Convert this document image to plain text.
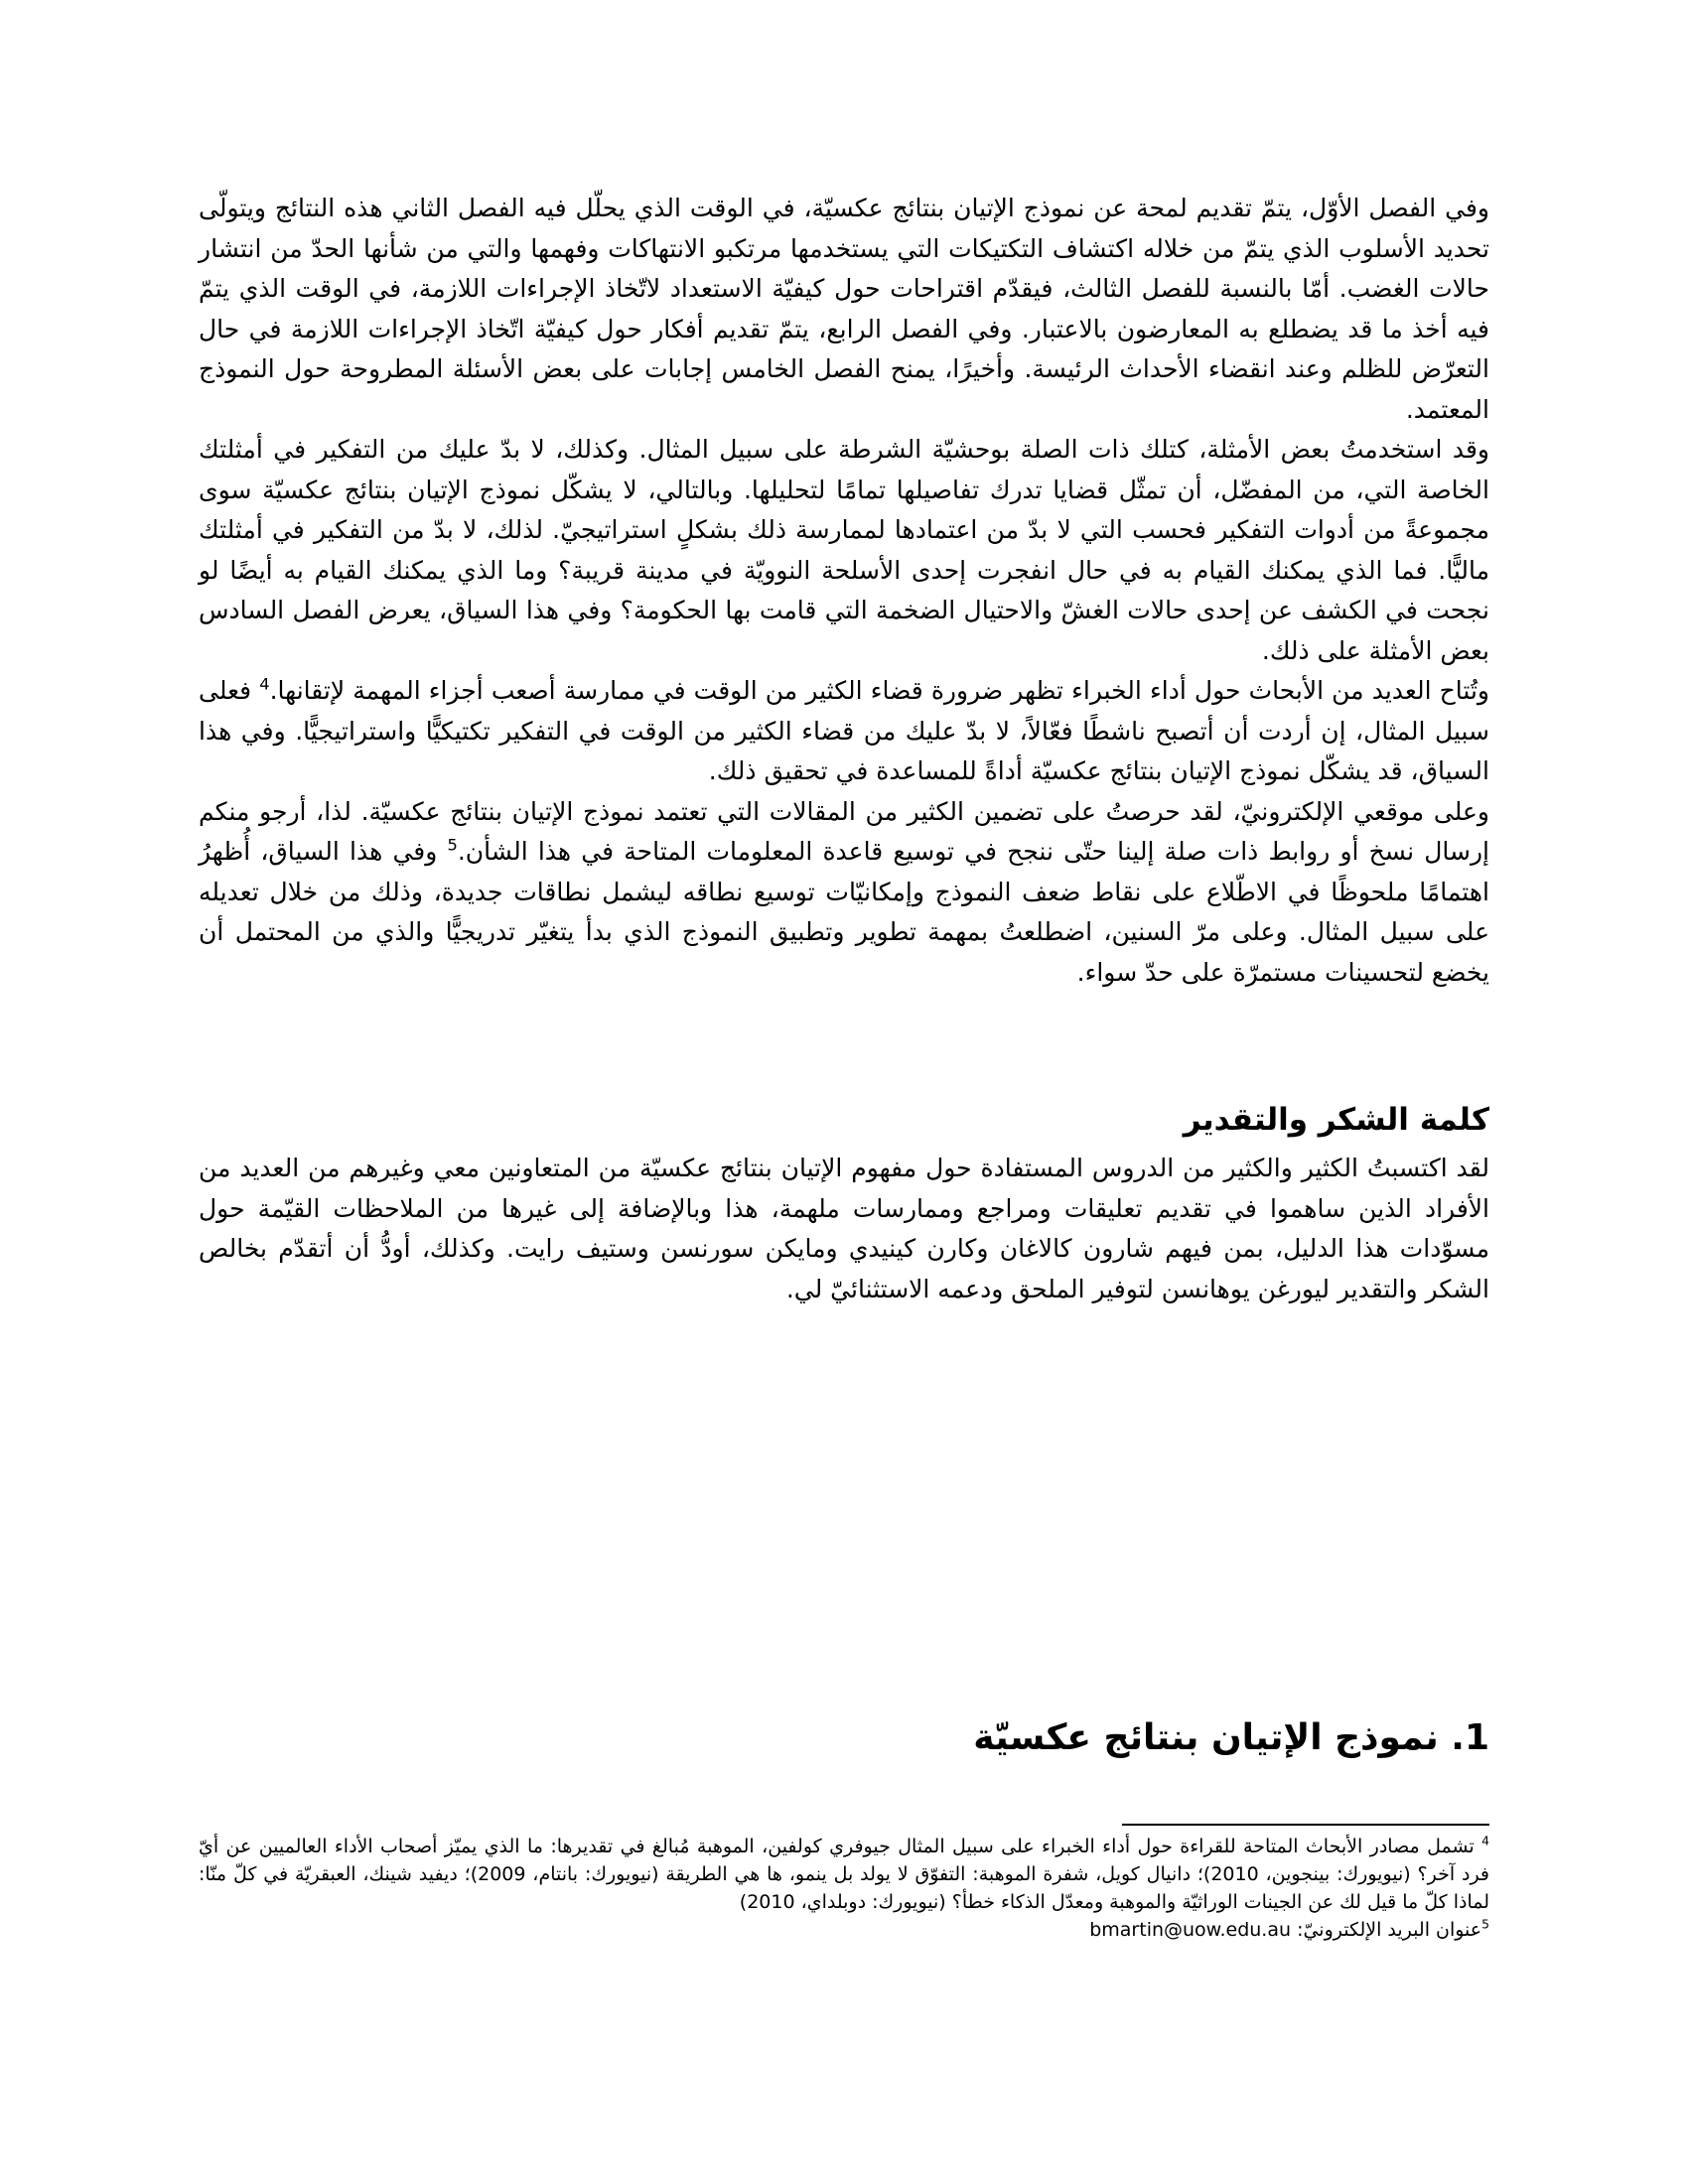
وفي الفصل الأوّل، يتمّ تقديم لمحة عن نموذج الإتيان بنتائج عكسيّة، في الوقت الذي يحلّل فيه الفصل الثاني هذه النتائج ويتولّى تحديد الأسلوب الذي يتمّ من خلاله اكتشاف التكتيكات التي يستخدمها مرتكبو الانتهاكات وفهمها والتي من شأنها الحدّ من انتشار حالات الغضب. أمّا بالنسبة للفصل الثالث، فيقدّم اقتراحات حول كيفيّة الاستعداد لاتّخاذ الإجراءات اللازمة، في الوقت الذي يتمّ فيه أخذ ما قد يضطلع به المعارضون بالاعتبار. وفي الفصل الرابع، يتمّ تقديم أفكار حول كيفيّة اتّخاذ الإجراءات اللازمة في حال التعرّض للظلم وعند انقضاء الأحداث الرئيسة. وأخيرًا، يمنح الفصل الخامس إجابات على بعض الأسئلة المطروحة حول النموذج المعتمد.

وقد استخدمتُ بعض الأمثلة، كتلك ذات الصلة بوحشيّة الشرطة على سبيل المثال. وكذلك، لا بدّ عليك من التفكير في أمثلتك الخاصة التي، من المفضّل، أن تمثّل قضايا تدرك تفاصيلها تمامًا لتحليلها. وبالتالي، لا يشكّل نموذج الإتيان بنتائج عكسيّة سوى مجموعةً من أدوات التفكير فحسب التي لا بدّ من اعتمادها لممارسة ذلك بشكلٍ استراتيجيّ. لذلك، لا بدّ من التفكير في أمثلتك ماليًّا. فما الذي يمكنك القيام به في حال انفجرت إحدى الأسلحة النوويّة في مدينة قريبة؟ وما الذي يمكنك القيام به أيضًا لو نجحت في الكشف عن إحدى حالات الغشّ والاحتيال الضخمة التي قامت بها الحكومة؟ وفي هذا السياق، يعرض الفصل السادس بعض الأمثلة على ذلك.

وتُتاح العديد من الأبحاث حول أداء الخبراء تظهر ضرورة قضاء الكثير من الوقت في ممارسة أصعب أجزاء المهمة لإتقانها.$^4$ فعلى سبيل المثال، إن أردت أن أتصبح ناشطًا فعّالاً، لا بدّ عليك من قضاء الكثير من الوقت في التفكير تكتيكيًّا واستراتيجيًّا. وفي هذا السياق، قد يشكّل نموذج الإتيان بنتائج عكسيّة أداةً للمساعدة في تحقيق ذلك.

وعلى موقعي الإلكترونيّ، لقد حرصتُ على تضمين الكثير من المقالات التي تعتمد نموذج الإتيان بنتائج عكسيّة. لذا، أرجو منكم إرسال نسخ أو روابط ذات صلة إلينا حتّى ننجح في توسيع قاعدة المعلومات المتاحة في هذا الشأن.$^5$ وفي هذا السياق، أُظهرُ اهتمامًا ملحوظًا في الاطّلاع على نقاط ضعف النموذج وإمكانيّات توسيع نطاقه ليشمل نطاقات جديدة، وذلك من خلال تعديله على سبيل المثال. وعلى مرّ السنين، اضطلعتُ بمهمة تطوير وتطبيق النموذج الذي بدأ يتغيّر تدريجيًّا والذي من المحتمل أن يخضع لتحسينات مستمرّة على حدّ سواء.

كلمة الشكر والتقدير

لقد اكتسبتُ الكثير والكثير من الدروس المستفادة حول مفهوم الإتيان بنتائج عكسيّة من المتعاونين معي وغيرهم من العديد من الأفراد الذين ساهموا في تقديم تعليقات ومراجع وممارسات ملهمة، هذا وبالإضافة إلى غيرها من الملاحظات القيّمة حول مسوّدات هذا الدليل، بمن فيهم شارون كالاغان وكارن كينيدي ومايكن سورنسن وستيف رايت. وكذلك، أودُّ أن أتقدّم بخالص الشكر والتقدير ليورغن يوهانسن لتوفير الملحق ودعمه الاستثنائيّ لي.

1. نموذج الإتيان بنتائج عكسيّة

$^4$ تشمل مصادر الأبحاث المتاحة للقراءة حول أداء الخبراء على سبيل المثال جيوفري كولفين، الموهبة مُبالغ في تقديرها: ما الذي يميّز أصحاب الأداء العالميين عن أيّ فرد آخر؟ (نيويورك: بينجوين، 2010)؛ دانيال كويل، شفرة الموهبة: التفوّق لا يولد بل ينمو، ها هي الطريقة (نيويورك: بانتام، 2009)؛ ديفيد شينك، العبقريّة في كلّ منّا: لماذا كلّ ما قيل لك عن الجينات الوراثيّة والموهبة ومعدّل الذكاء خطأ؟ (نيويورك: دوبلداي، 2010)

$^5$عنوان البريد الإلكترونيّ: bmartin@uow.edu.au
